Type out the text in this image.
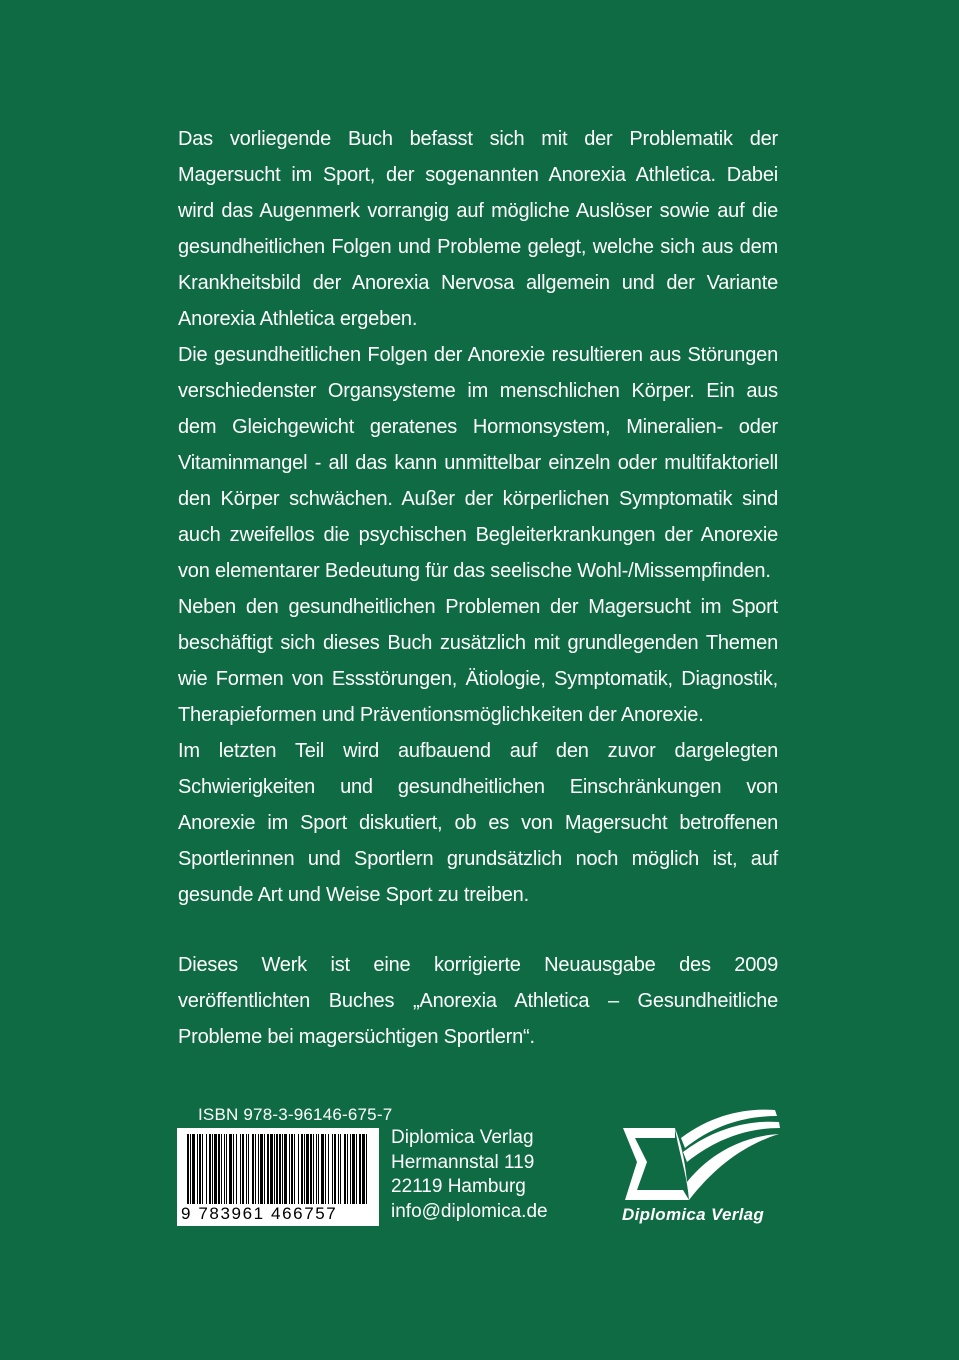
Das vorliegende Buch befasst sich mit der Problematik der Magersucht im Sport, der sogenannten Anorexia Athletica. Dabei wird das Augenmerk vorrangig auf mögliche Auslöser sowie auf die gesundheitlichen Folgen und Probleme gelegt, welche sich aus dem Krankheitsbild der Anorexia Nervosa allgemein und der Variante Anorexia Athletica ergeben.

Die gesundheitlichen Folgen der Anorexie resultieren aus Störungen verschiedenster Organsysteme im menschlichen Körper. Ein aus dem Gleichgewicht geratenes Hormonsystem, Mineralien- oder Vitaminmangel - all das kann unmittelbar einzeln oder multifaktoriell den Körper schwächen. Außer der körperlichen Symptomatik sind auch zweifellos die psychischen Begleiterkrankungen der Anorexie von elementarer Bedeutung für das seelische Wohl-/Missempfinden.

Neben den gesundheitlichen Problemen der Magersucht im Sport beschäftigt sich dieses Buch zusätzlich mit grundlegenden Themen wie Formen von Essstörungen, Ätiologie, Symptomatik, Diagnostik, Therapieformen und Präventionsmöglichkeiten der Anorexie.

Im letzten Teil wird aufbauend auf den zuvor dargelegten Schwierigkeiten und gesundheitlichen Einschränkungen von Anorexie im Sport diskutiert, ob es von Magersucht betroffenen Sportlerinnen und Sportlern grundsätzlich noch möglich ist, auf gesunde Art und Weise Sport zu treiben.

Dieses Werk ist eine korrigierte Neuausgabe des 2009 veröffentlichten Buches „Anorexia Athletica – Gesundheitliche Probleme bei magersüchtigen Sportlern“.

ISBN 978-3-96146-675-7
9 783961 466757
Diplomica Verlag
Hermannstal 119
22119 Hamburg
info@diplomica.de	Diplomica Verlag
